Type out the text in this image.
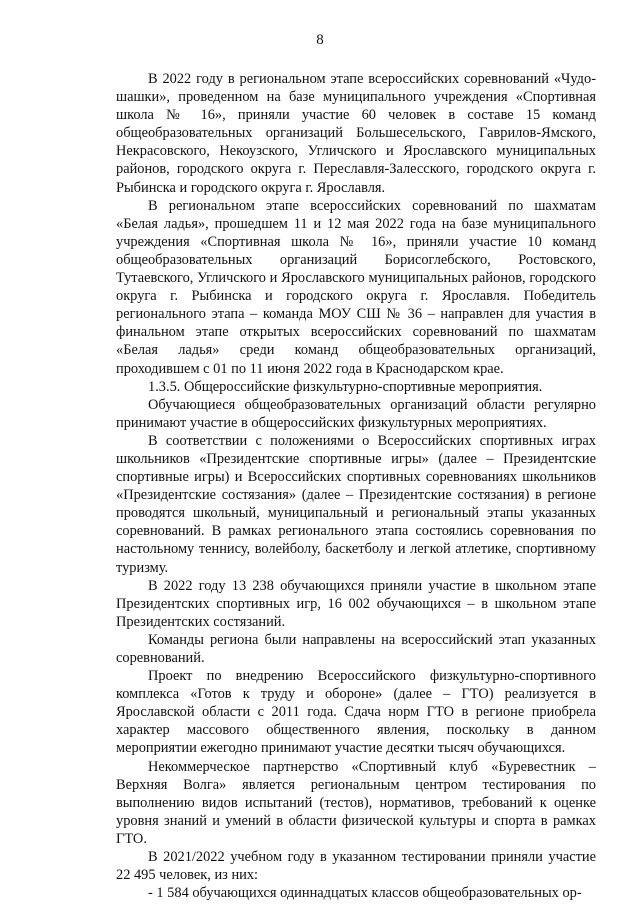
8

В 2022 году в региональном этапе всероссийских соревнований «Чудо-шашки», проведенном на базе муниципального учреждения «Спортивная школа № 16», приняли участие 60 человек в составе 15 команд общеобразовательных организаций Большесельского, Гаврилов-Ямского, Некрасовского, Некоузского, Угличского и Ярославского муниципальных районов, городского округа г. Переславля-Залесского, городского округа г. Рыбинска и городского округа г. Ярославля.

В региональном этапе всероссийских соревнований по шахматам «Белая ладья», прошедшем 11 и 12 мая 2022 года на базе муниципального учреждения «Спортивная школа № 16», приняли участие 10 команд общеобразовательных организаций Борисоглебского, Ростовского, Тутаевского, Угличского и Ярославского муниципальных районов, городского округа г. Рыбинска и городского округа г. Ярославля. Победитель регионального этапа – команда МОУ СШ № 36 – направлен для участия в финальном этапе открытых всероссийских соревнований по шахматам «Белая ладья» среди команд общеобразовательных организаций, проходившем с 01 по 11 июня 2022 года в Краснодарском крае.

1.3.5. Общероссийские физкультурно-спортивные мероприятия.

Обучающиеся общеобразовательных организаций области регулярно принимают участие в общероссийских физкультурных мероприятиях.

В соответствии с положениями о Всероссийских спортивных играх школьников «Президентские спортивные игры» (далее – Президентские спортивные игры) и Всероссийских спортивных соревнованиях школьников «Президентские состязания» (далее – Президентские состязания) в регионе проводятся школьный, муниципальный и региональный этапы указанных соревнований. В рамках регионального этапа состоялись соревнования по настольному теннису, волейболу, баскетболу и легкой атлетике, спортивному туризму.

В 2022 году 13 238 обучающихся приняли участие в школьном этапе Президентских спортивных игр, 16 002 обучающихся – в школьном этапе Президентских состязаний.

Команды региона были направлены на всероссийский этап указанных соревнований.

Проект по внедрению Всероссийского физкультурно-спортивного комплекса «Готов к труду и обороне» (далее – ГТО) реализуется в Ярославской области с 2011 года. Сдача норм ГТО в регионе приобрела характер массового общественного явления, поскольку в данном мероприятии ежегодно принимают участие десятки тысяч обучающихся.

Некоммерческое партнерство «Спортивный клуб «Буревестник – Верхняя Волга» является региональным центром тестирования по выполнению видов испытаний (тестов), нормативов, требований к оценке уровня знаний и умений в области физической культуры и спорта в рамках ГТО.

В 2021/2022 учебном году в указанном тестировании приняли участие 22 495 человек, из них:

- 1 584 обучающихся одиннадцатых классов общеобразовательных ор-
